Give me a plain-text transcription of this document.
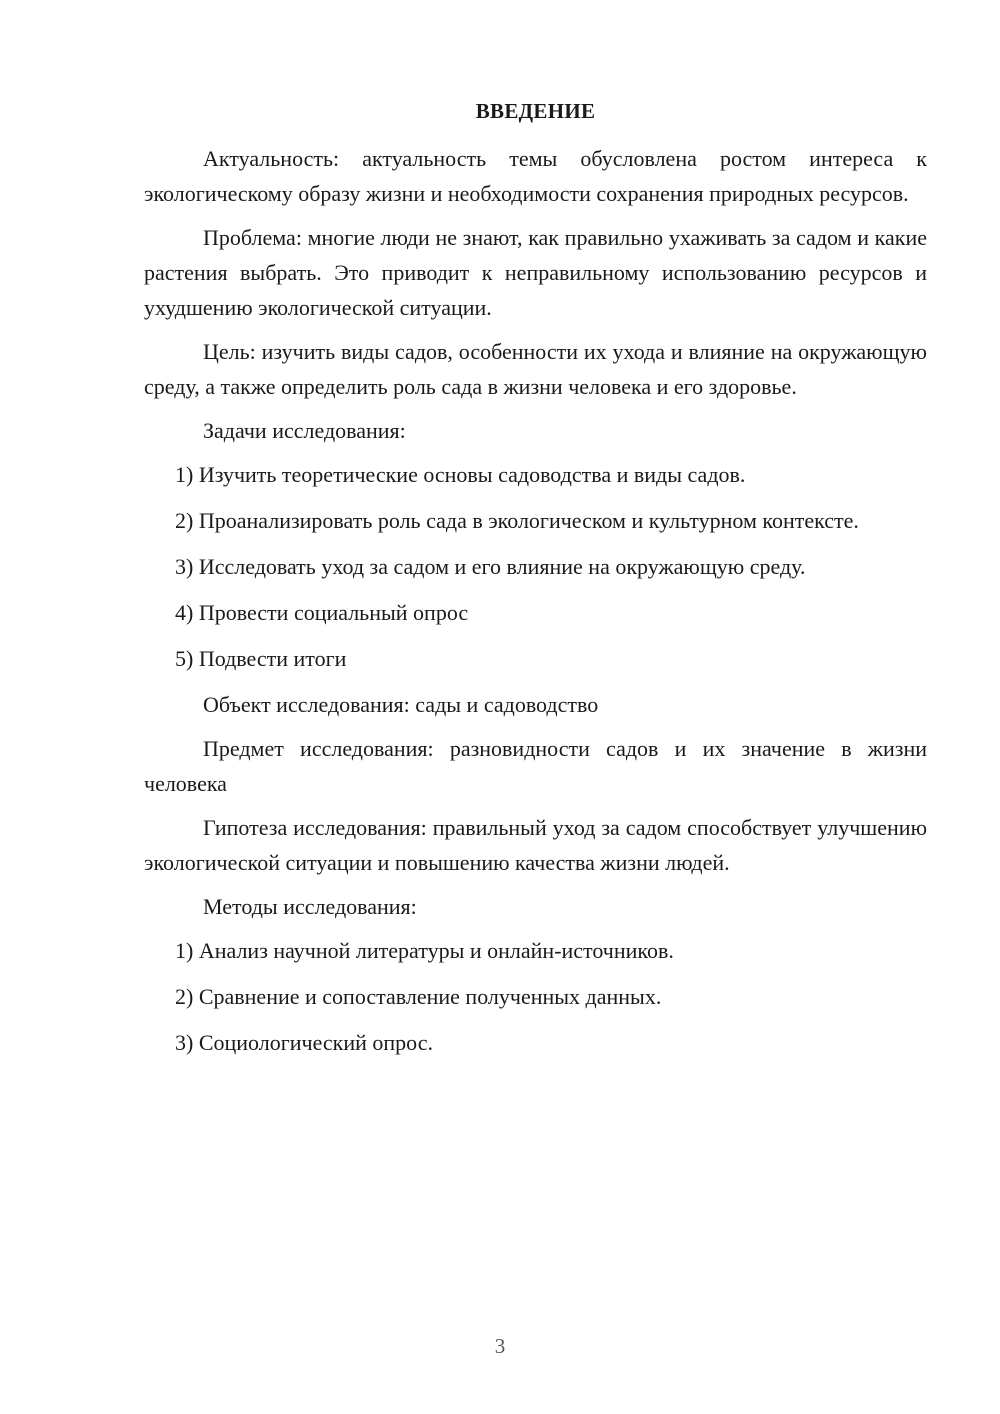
ВВЕДЕНИЕ

Актуальность: актуальность темы обусловлена ростом интереса к экологическому образу жизни и необходимости сохранения природных ресурсов.

Проблема: многие люди не знают, как правильно ухаживать за садом и какие растения выбрать. Это приводит к неправильному использованию ресурсов и ухудшению экологической ситуации.

Цель: изучить виды садов, особенности их ухода и влияние на окружающую среду, а также определить роль сада в жизни человека и его здоровье.

Задачи исследования:

1) Изучить теоретические основы садоводства и виды садов.

2) Проанализировать роль сада в экологическом и культурном контексте.

3) Исследовать уход за садом и его влияние на окружающую среду.

4) Провести социальный опрос

5) Подвести итоги

Объект исследования: сады и садоводство

Предмет исследования: разновидности садов и их значение в жизни человека

Гипотеза исследования: правильный уход за садом способствует улучшению экологической ситуации и повышению качества жизни людей.

Методы исследования:

1) Анализ научной литературы и онлайн-источников.

2) Сравнение и сопоставление полученных данных.

3) Социологический опрос.

3
